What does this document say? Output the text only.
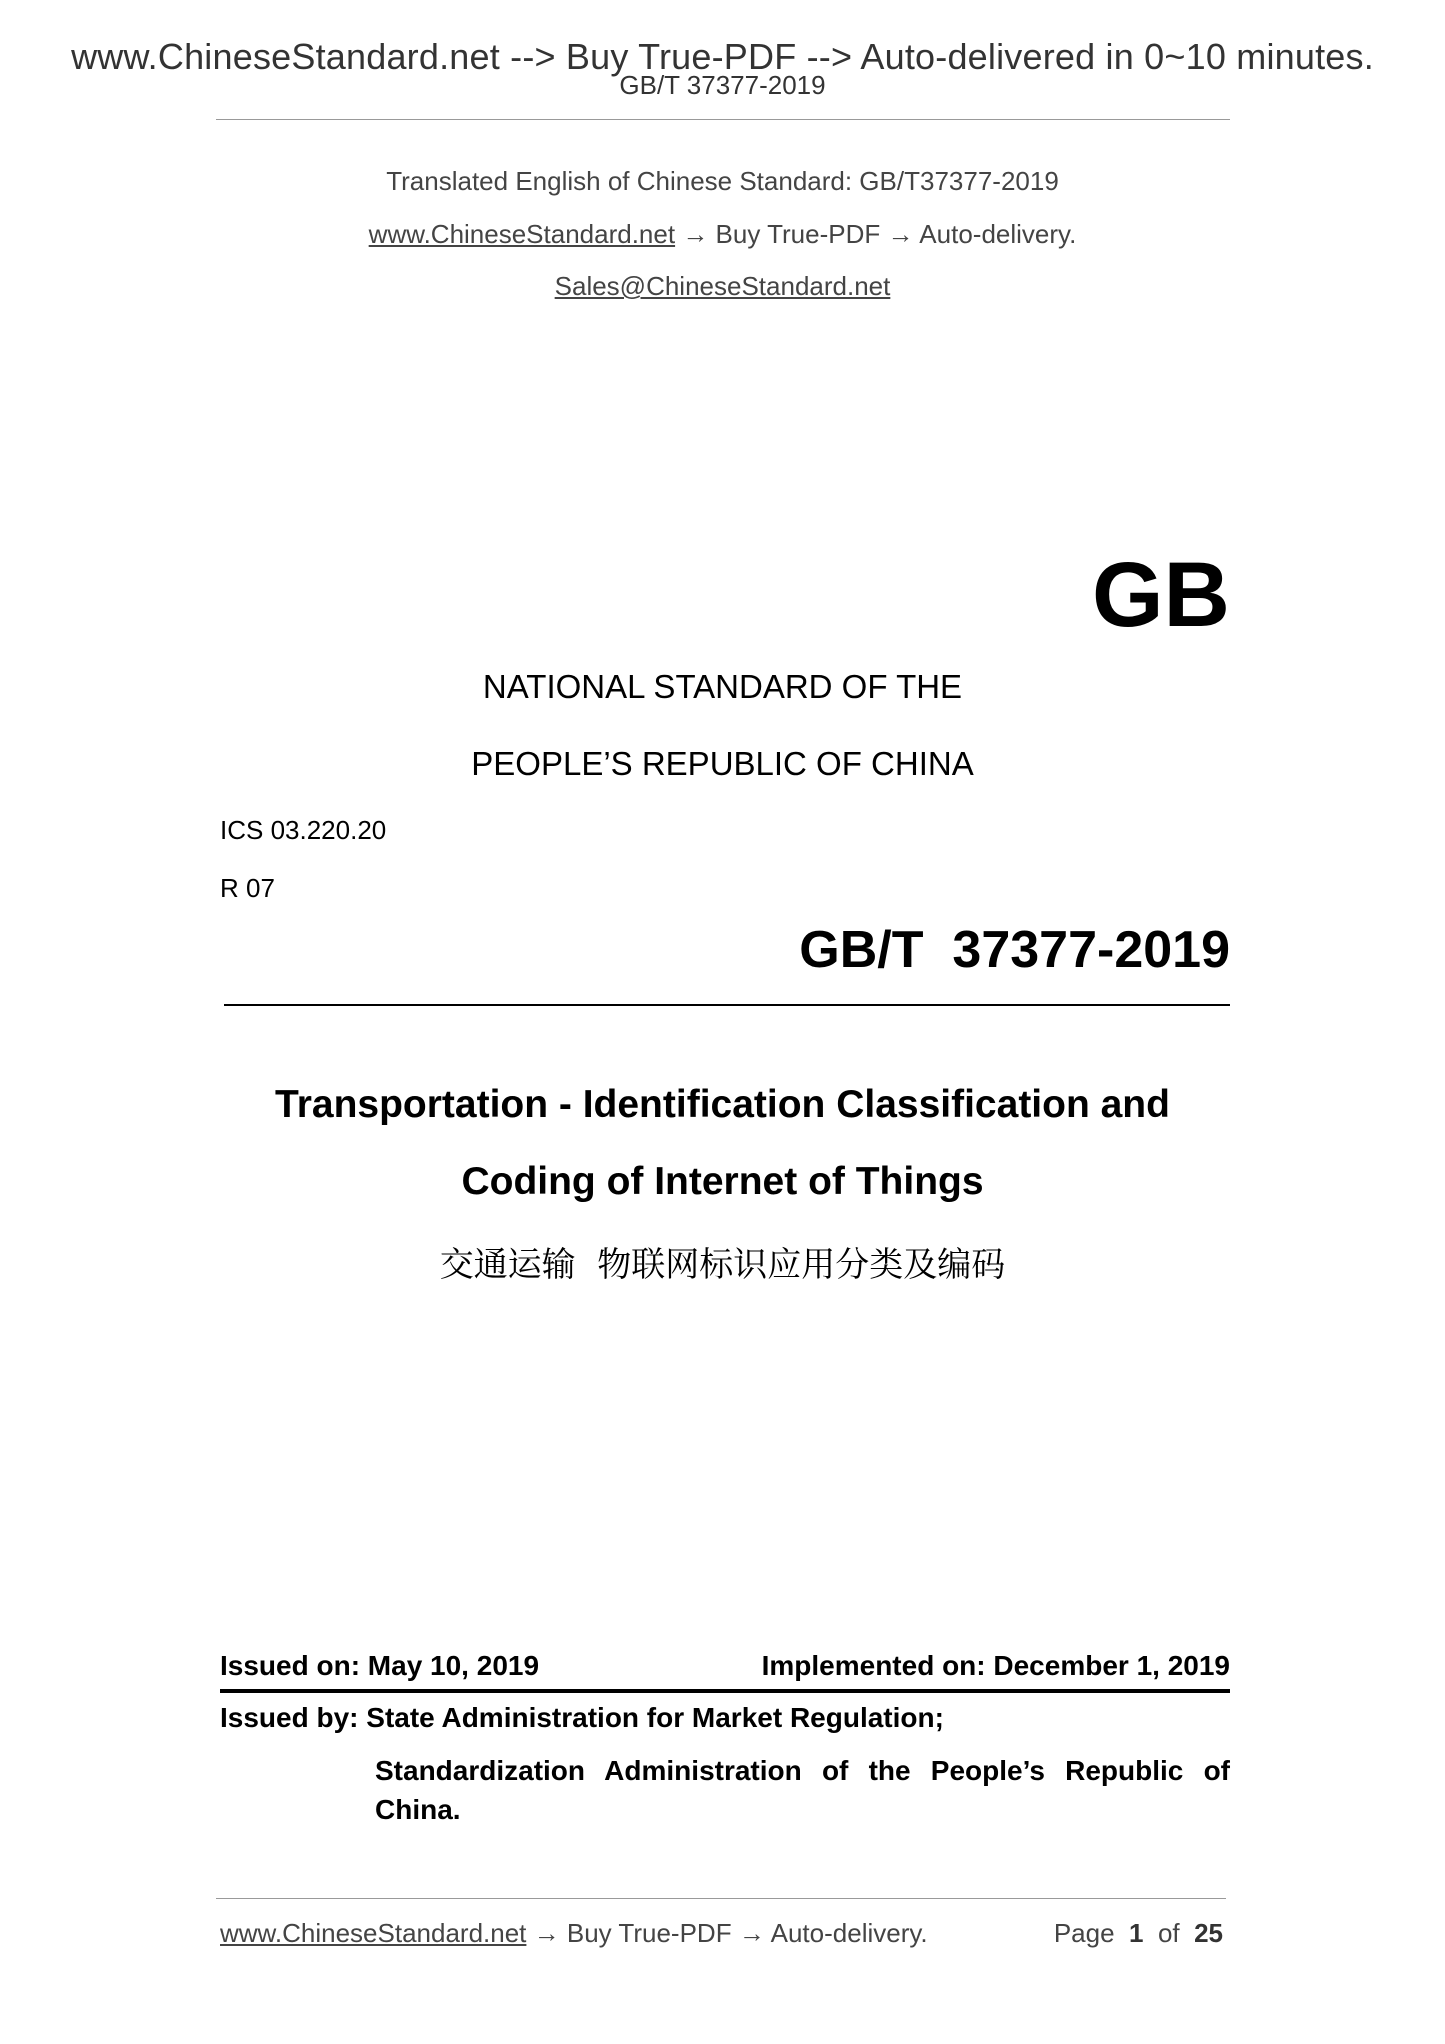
www.ChineseStandard.net --> Buy True-PDF --> Auto-delivered in 0~10 minutes.
GB/T 37377-2019
Translated English of Chinese Standard: GB/T37377-2019
www.ChineseStandard.net → Buy True-PDF → Auto-delivery.
Sales@ChineseStandard.net
GB
NATIONAL STANDARD OF THE
PEOPLE’S REPUBLIC OF CHINA
ICS 03.220.20
R 07
GB/T  37377-2019
Transportation - Identification Classification and
Coding of Internet of Things
交通运输  物联网标识应用分类及编码
Issued on: May 10, 2019	Implemented on: December 1, 2019
Issued by: State Administration for Market Regulation;
Standardization Administration of the People’s Republic of
China.
www.ChineseStandard.net → Buy True-PDF → Auto-delivery.	Page 1 of 25
